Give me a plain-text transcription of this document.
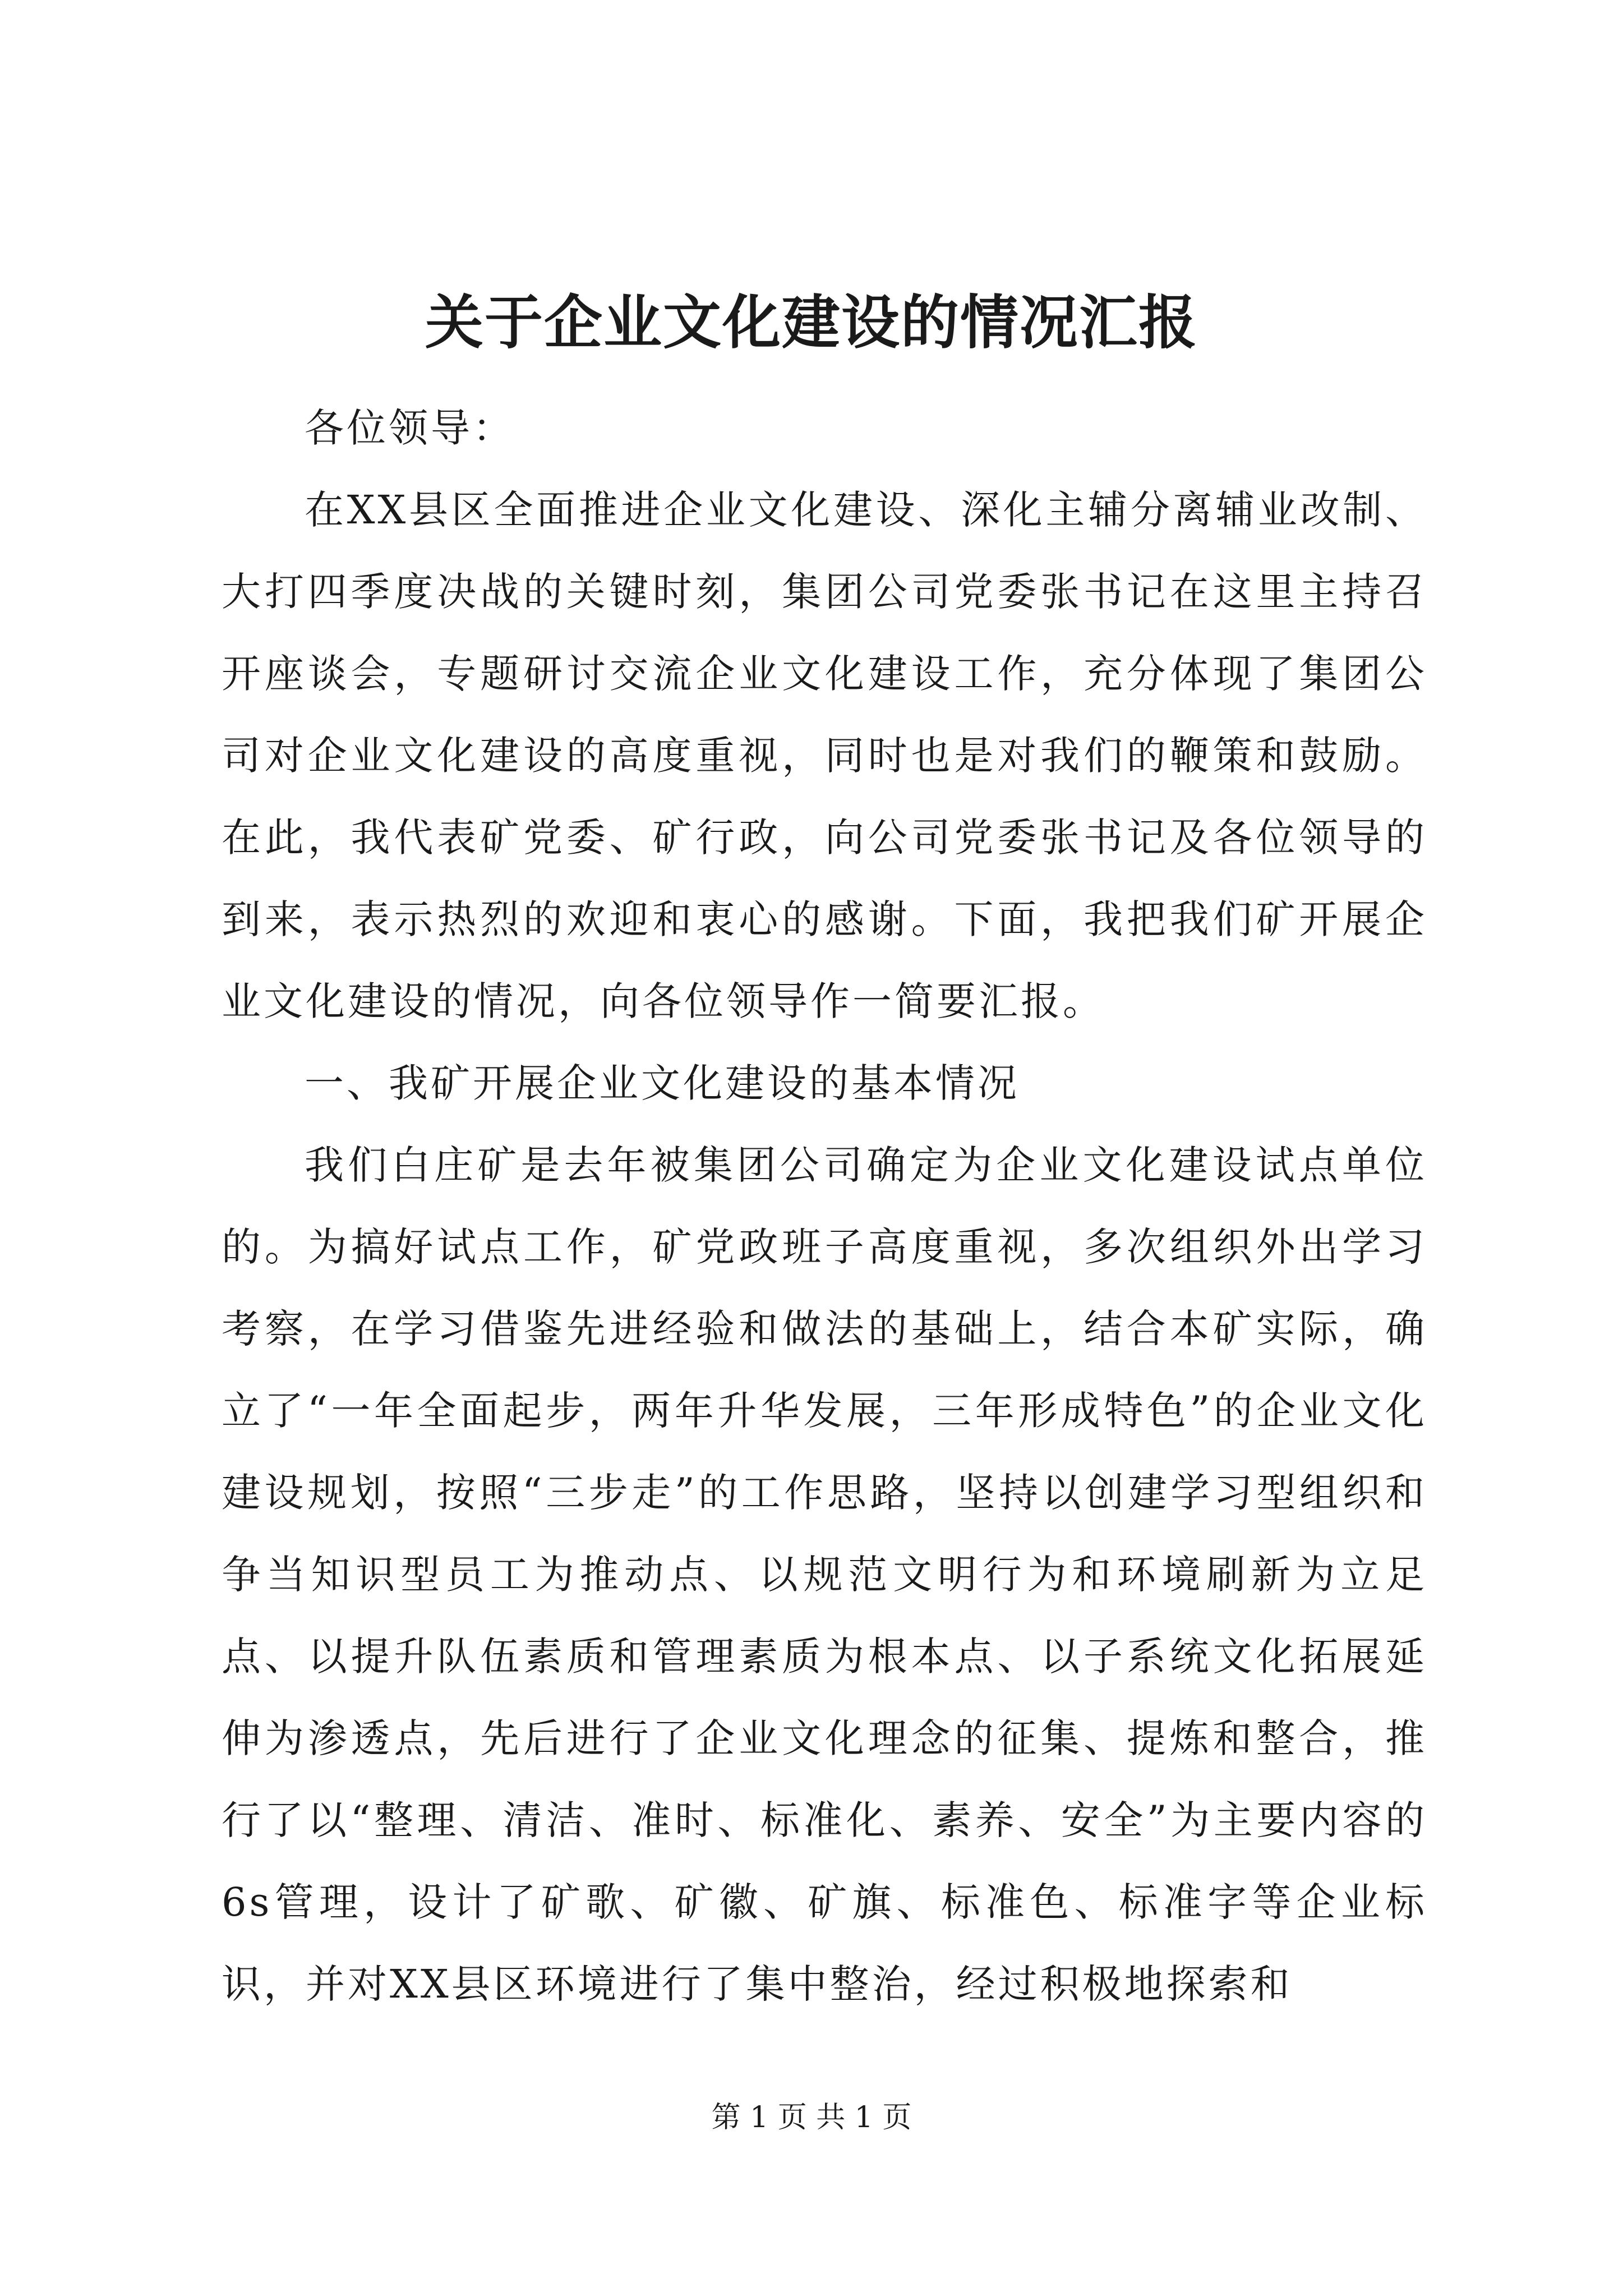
关于企业文化建设的情况汇报

各位领导：

在XX县区全面推进企业文化建设、深化主辅分离辅业改制、大打四季度决战的关键时刻，集团公司党委张书记在这里主持召开座谈会，专题研讨交流企业文化建设工作，充分体现了集团公司对企业文化建设的高度重视，同时也是对我们的鞭策和鼓励。在此，我代表矿党委、矿行政，向公司党委张书记及各位领导的到来，表示热烈的欢迎和衷心的感谢。下面，我把我们矿开展企业文化建设的情况，向各位领导作一简要汇报。

一、我矿开展企业文化建设的基本情况

我们白庄矿是去年被集团公司确定为企业文化建设试点单位的。为搞好试点工作，矿党政班子高度重视，多次组织外出学习考察，在学习借鉴先进经验和做法的基础上，结合本矿实际，确立了“一年全面起步，两年升华发展，三年形成特色”的企业文化建设规划，按照“三步走”的工作思路，坚持以创建学习型组织和争当知识型员工为推动点、以规范文明行为和环境刷新为立足点、以提升队伍素质和管理素质为根本点、以子系统文化拓展延伸为渗透点，先后进行了企业文化理念的征集、提炼和整合，推行了以“整理、清洁、准时、标准化、素养、安全”为主要内容的6s管理，设计了矿歌、矿徽、矿旗、标准色、标准字等企业标识，并对XX县区环境进行了集中整治，经过积极地探索和

第 1 页 共 1 页
